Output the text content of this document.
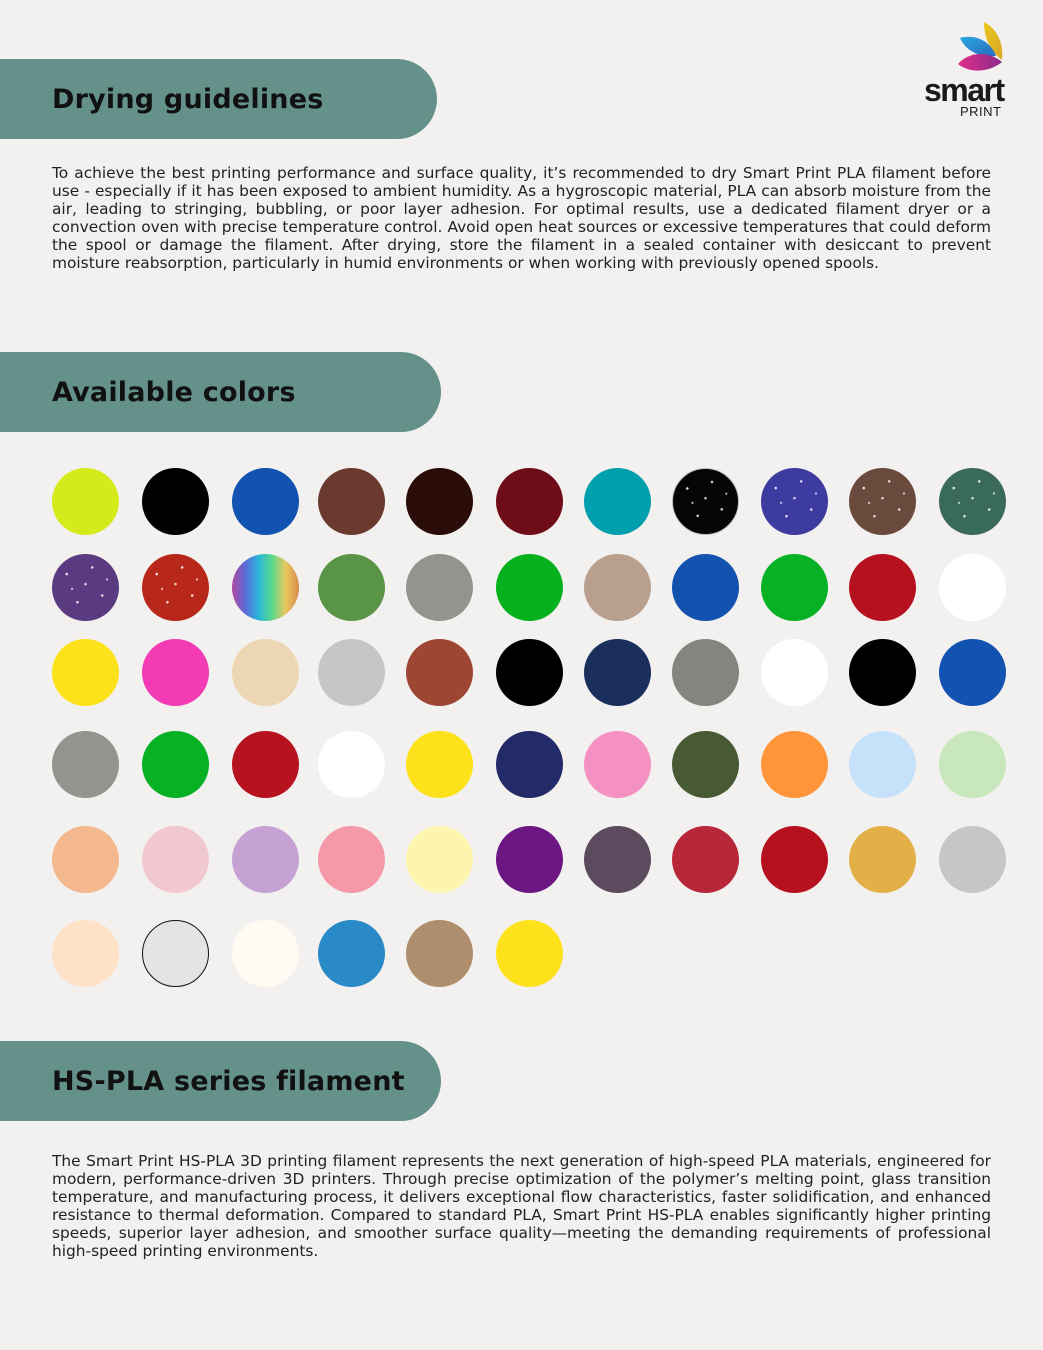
smart
PRINT
Drying guidelines

To achieve the best printing performance and surface quality, it’s recommended to dry Smart Print PLA filament before use - especially if it has been exposed to ambient humidity. As a hygroscopic material, PLA can absorb moisture from the air, leading to stringing, bubbling, or poor layer adhesion. For optimal results, use a dedicated filament dryer or a convection oven with precise temperature control. Avoid open heat sources or excessive temperatures that could deform the spool or damage the filament. After drying, store the filament in a sealed container with desiccant to prevent moisture reabsorption, particularly in humid environments or when working with previously opened spools.

Available colors
HS-PLA series filament

The Smart Print HS-PLA 3D printing filament represents the next generation of high-speed PLA materials, engineered for modern, performance-driven 3D printers. Through precise optimization of the polymer’s melting point, glass transition temperature, and manufacturing process, it delivers exceptional flow characteristics, faster solidification, and enhanced resistance to thermal deformation. Compared to standard PLA, Smart Print HS-PLA enables significantly higher printing speeds, superior layer adhesion, and smoother surface quality—meeting the demanding requirements of professional high-speed printing environments.
